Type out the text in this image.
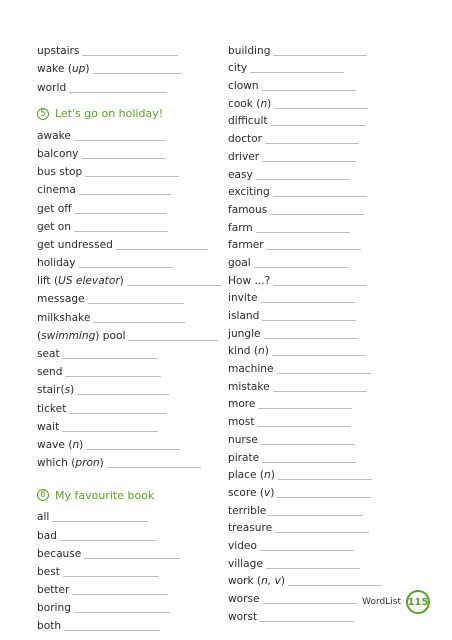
upstairs
wake (up)
world
5 Let's go on holiday!
awake
balcony
bus stop
cinema
get off
get on
get undressed
holiday
lift (US elevator)
message
milkshake
(swimming) pool
seat
send
stair(s)
ticket
wait
wave (n)
which (pron)
6 My favourite book
all
bad
because
best
better
boring
both
building
city
clown
cook (n)
difficult
doctor
driver
easy
exciting
famous
farm
farmer
goal
How ...?
invite
island
jungle
kind (n)
machine
mistake
more
most
nurse
pirate
place (n)
score (v)
terrible
treasure
video
village
work (n, v)
worse
worst
WordList 115
